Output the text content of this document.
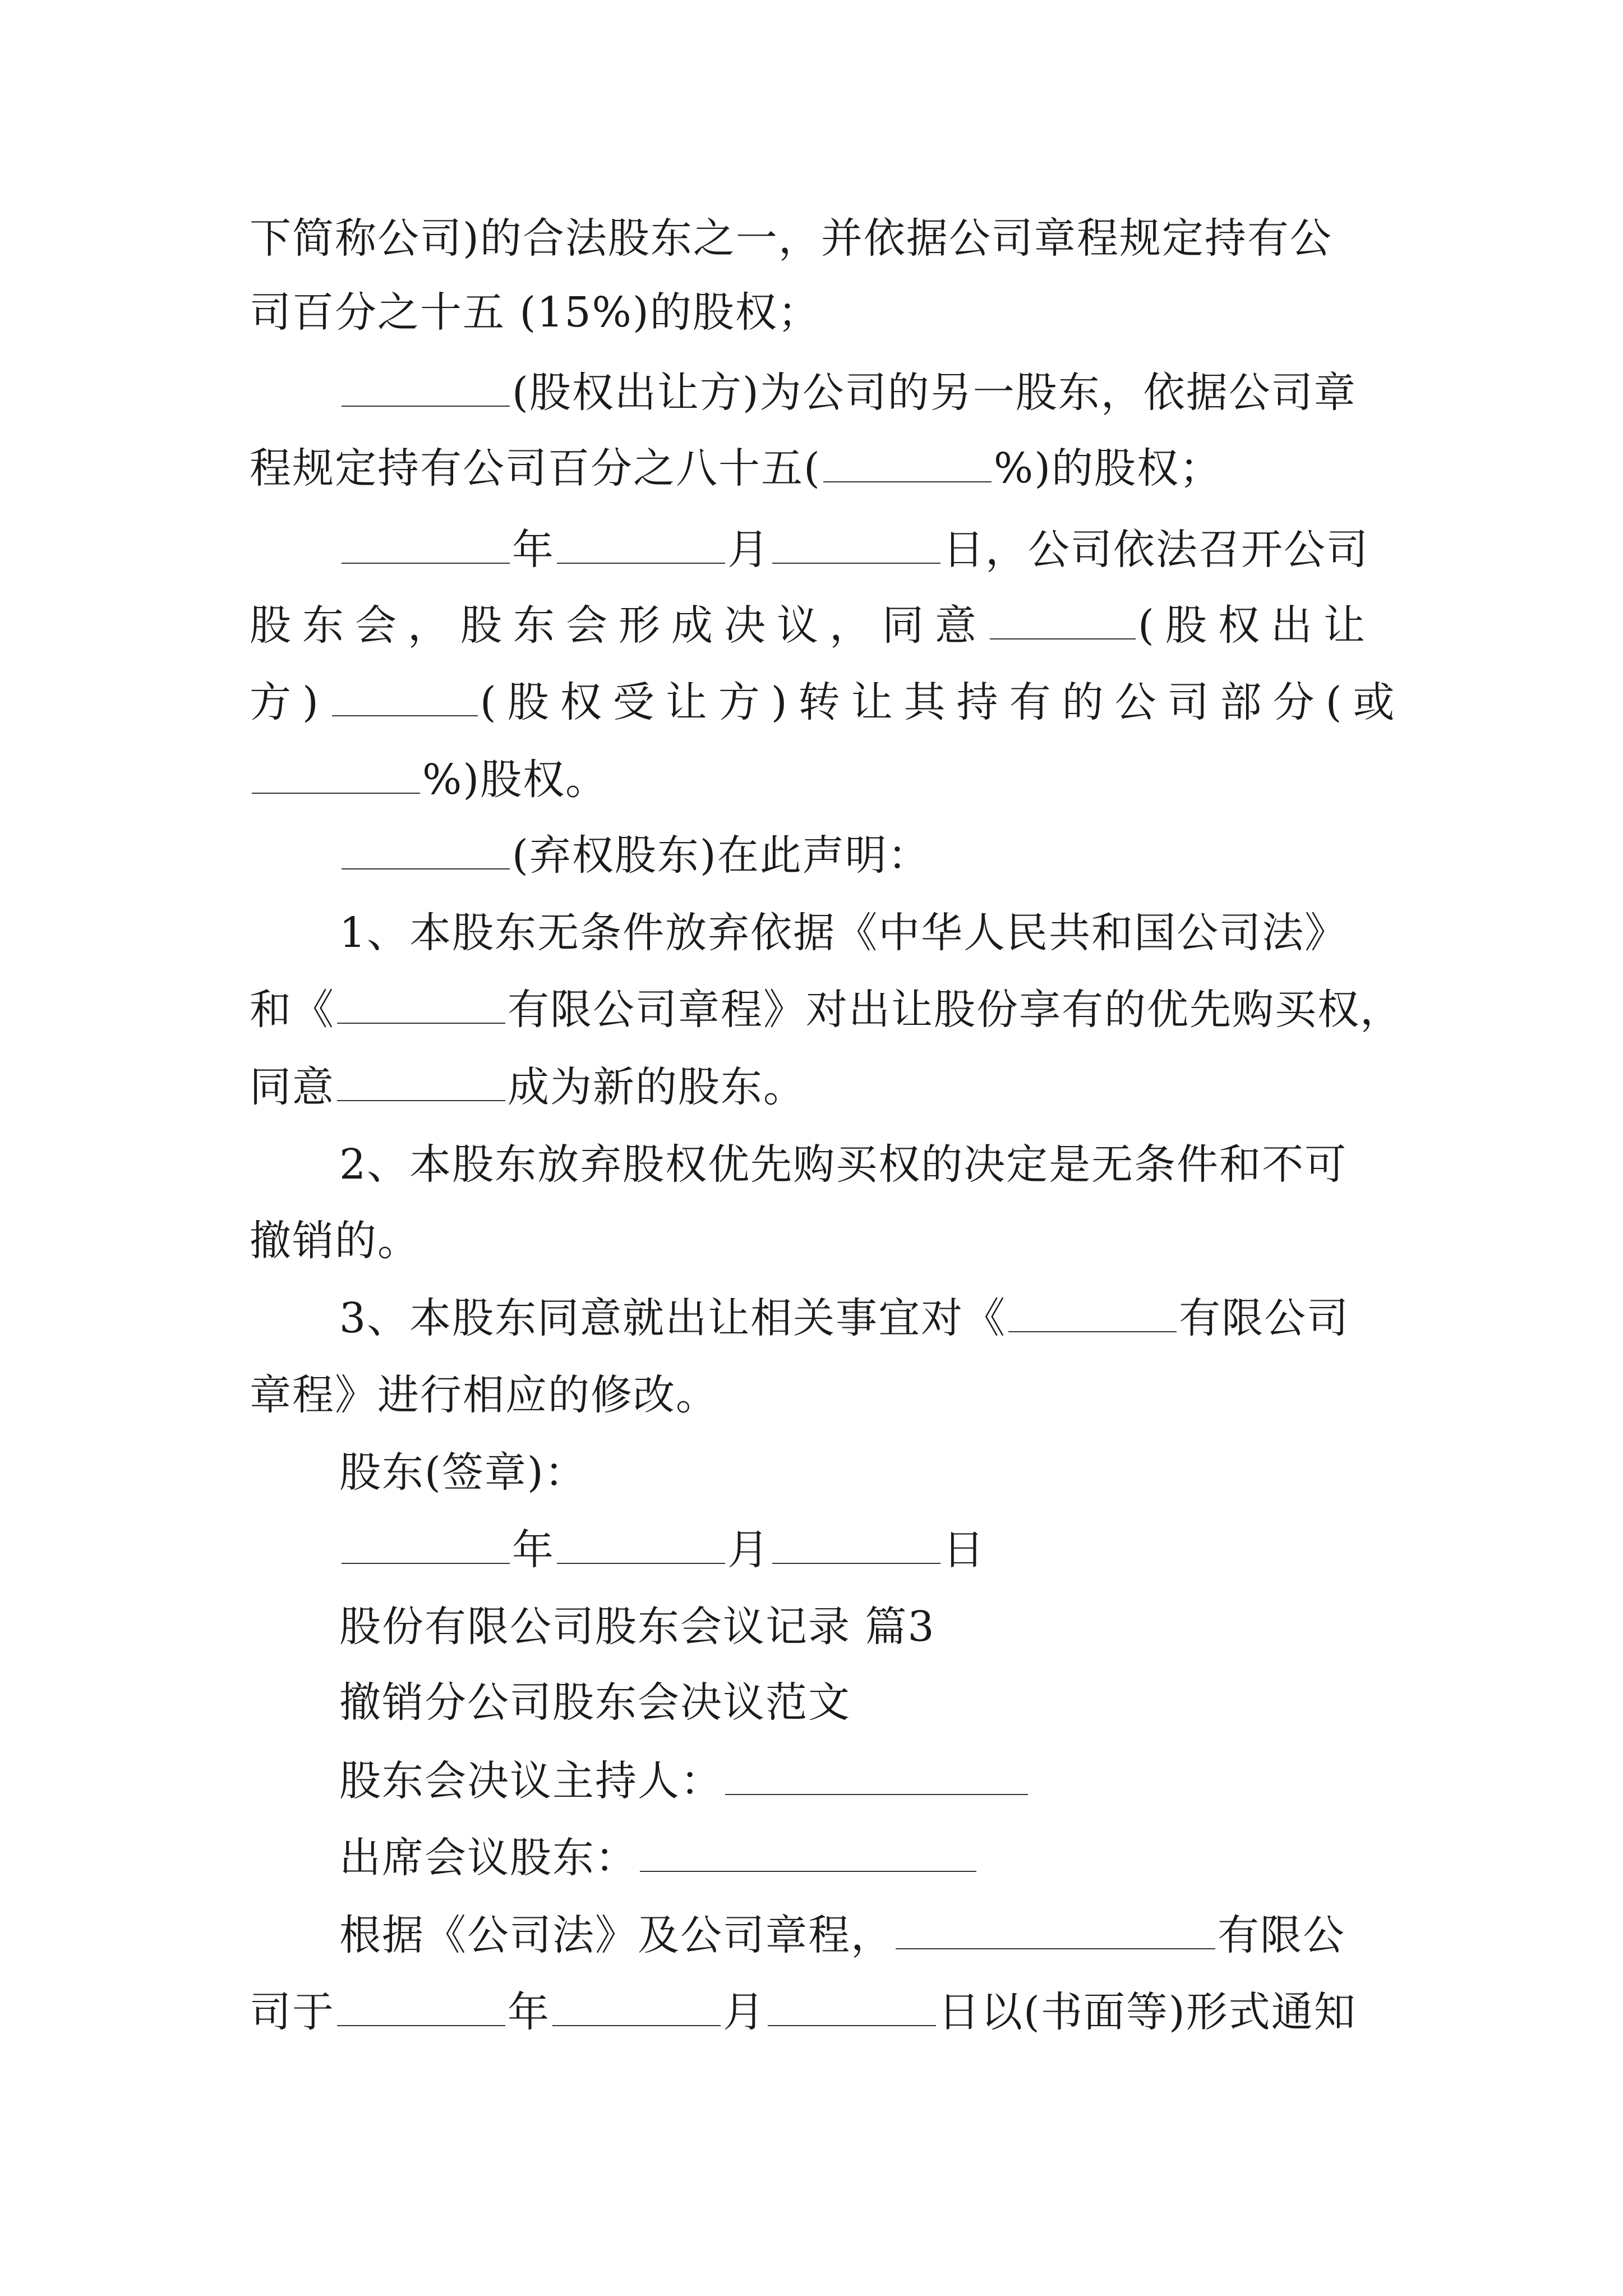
下简称公司)的合法股东之一，并依据公司章程规定持有公
司百分之十五 (15%)的股权；
(股权出让方)为公司的另一股东，依据公司章
程规定持有公司百分之八十五(	%)的股权；
年	月	日，公司依法召开公司
股东会，股东会形成决议，同意	(股权出让
方)	(股权受让方)转让其持有的公司部分(或
%)股权。
(弃权股东)在此声明：
1、本股东无条件放弃依据《中华人民共和国公司法》
和《	有限公司章程》对出让股份享有的优先购买权，
同意	成为新的股东。
2、本股东放弃股权优先购买权的决定是无条件和不可
撤销的。
3、本股东同意就出让相关事宜对《	有限公司
章程》进行相应的修改。
股东(签章)：
年	月	日
股份有限公司股东会议记录 篇3
撤销分公司股东会决议范文
股东会决议主持人：
出席会议股东：
根据《公司法》及公司章程，	有限公
司于	年	月	日以(书面等)形式通知
